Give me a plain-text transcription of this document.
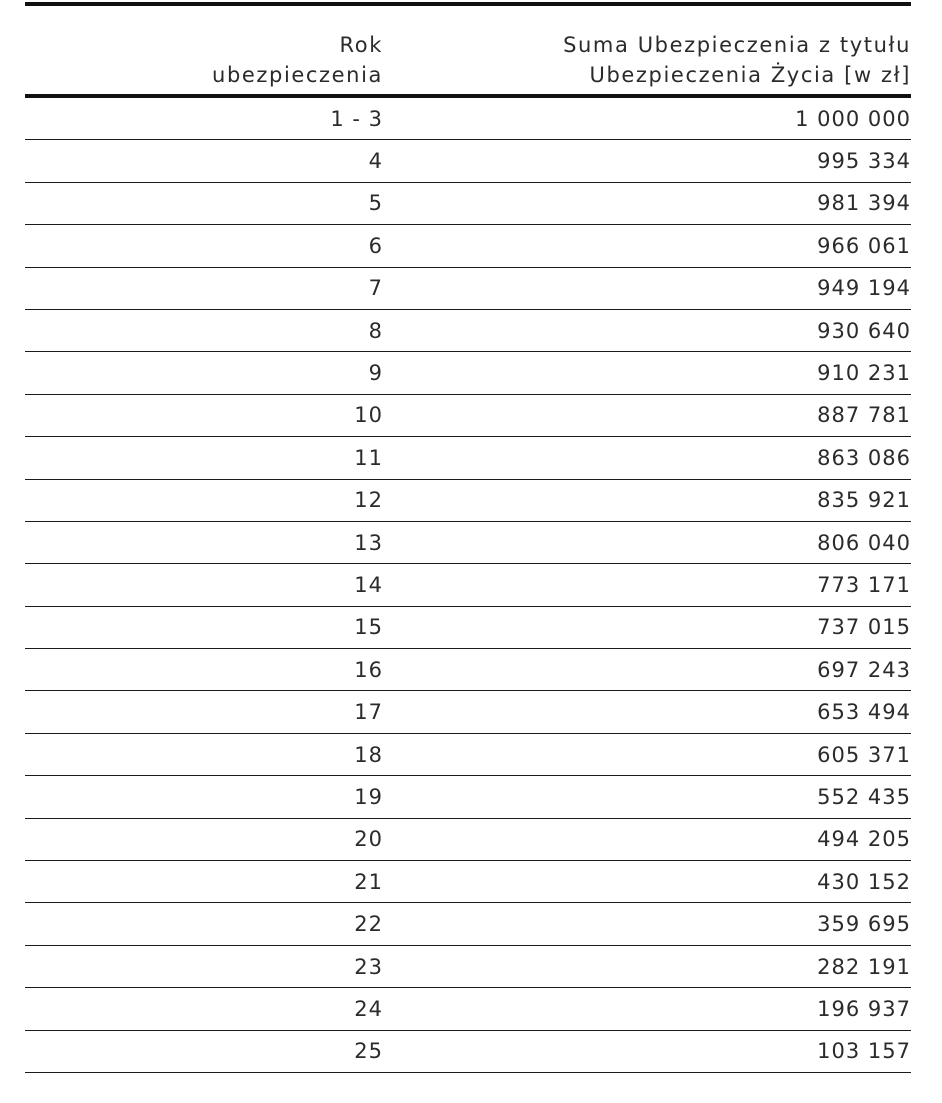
Rok
ubezpieczenia
Suma Ubezpieczenia z tytułu
Ubezpieczenia Życia [w zł]
1 - 3	1 000 000
4	995 334
5	981 394
6	966 061
7	949 194
8	930 640
9	910 231
10	887 781
11	863 086
12	835 921
13	806 040
14	773 171
15	737 015
16	697 243
17	653 494
18	605 371
19	552 435
20	494 205
21	430 152
22	359 695
23	282 191
24	196 937
25	103 157
